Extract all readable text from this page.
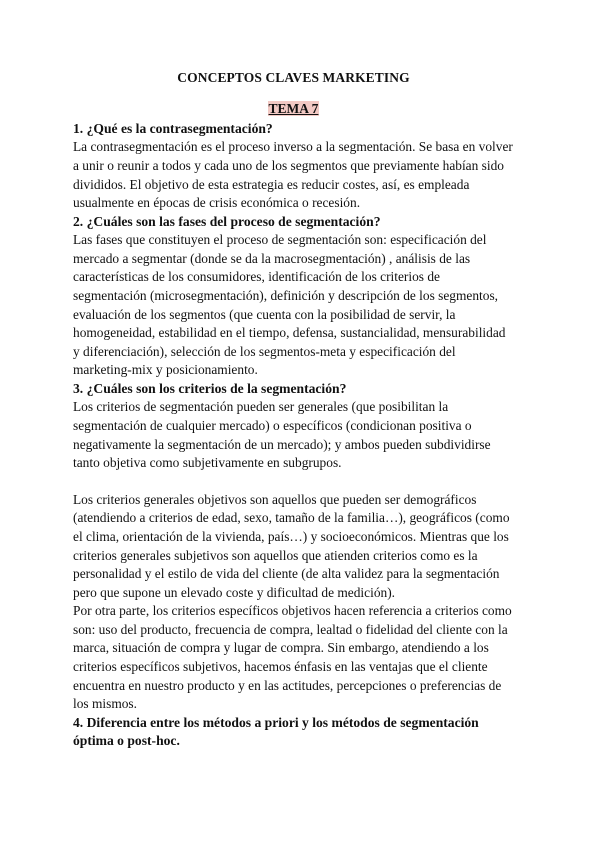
CONCEPTOS CLAVES MARKETING

TEMA 7

1. ¿Qué es la contrasegmentación?

La contrasegmentación es el proceso inverso a la segmentación. Se basa en volver a unir o reunir a todos y cada uno de los segmentos que previamente habían sido divididos. El objetivo de esta estrategia es reducir costes, así, es empleada usualmente en épocas de crisis económica o recesión.

2. ¿Cuáles son las fases del proceso de segmentación?

Las fases que constituyen el proceso de segmentación son: especificación del mercado a segmentar (donde se da la macrosegmentación) , análisis de las características de los consumidores, identificación de los criterios de segmentación (microsegmentación), definición y descripción de los segmentos, evaluación de los segmentos (que cuenta con la posibilidad de servir, la homogeneidad, estabilidad en el tiempo, defensa, sustancialidad, mensurabilidad y diferenciación), selección de los segmentos-meta y especificación del marketing-mix y posicionamiento.

3. ¿Cuáles son los criterios de la segmentación?

Los criterios de segmentación pueden ser generales (que posibilitan la segmentación de cualquier mercado) o específicos (condicionan positiva o negativamente la segmentación de un mercado); y ambos pueden subdividirse tanto objetiva como subjetivamente en subgrupos.

Los criterios generales objetivos son aquellos que pueden ser demográficos (atendiendo a criterios de edad, sexo, tamaño de la familia…), geográficos (como el clima, orientación de la vivienda, país…) y socioeconómicos. Mientras que los criterios generales subjetivos son aquellos que atienden criterios como es la personalidad y el estilo de vida del cliente (de alta validez para la segmentación pero que supone un elevado coste y dificultad de medición).

Por otra parte, los criterios específicos objetivos hacen referencia a criterios como son: uso del producto, frecuencia de compra, lealtad o fidelidad del cliente con la marca, situación de compra y lugar de compra. Sin embargo, atendiendo a los criterios específicos subjetivos, hacemos énfasis en las ventajas que el cliente encuentra en nuestro producto y en las actitudes, percepciones o preferencias de los mismos.

4. Diferencia entre los métodos a priori y los métodos de segmentación óptima o post-hoc.
